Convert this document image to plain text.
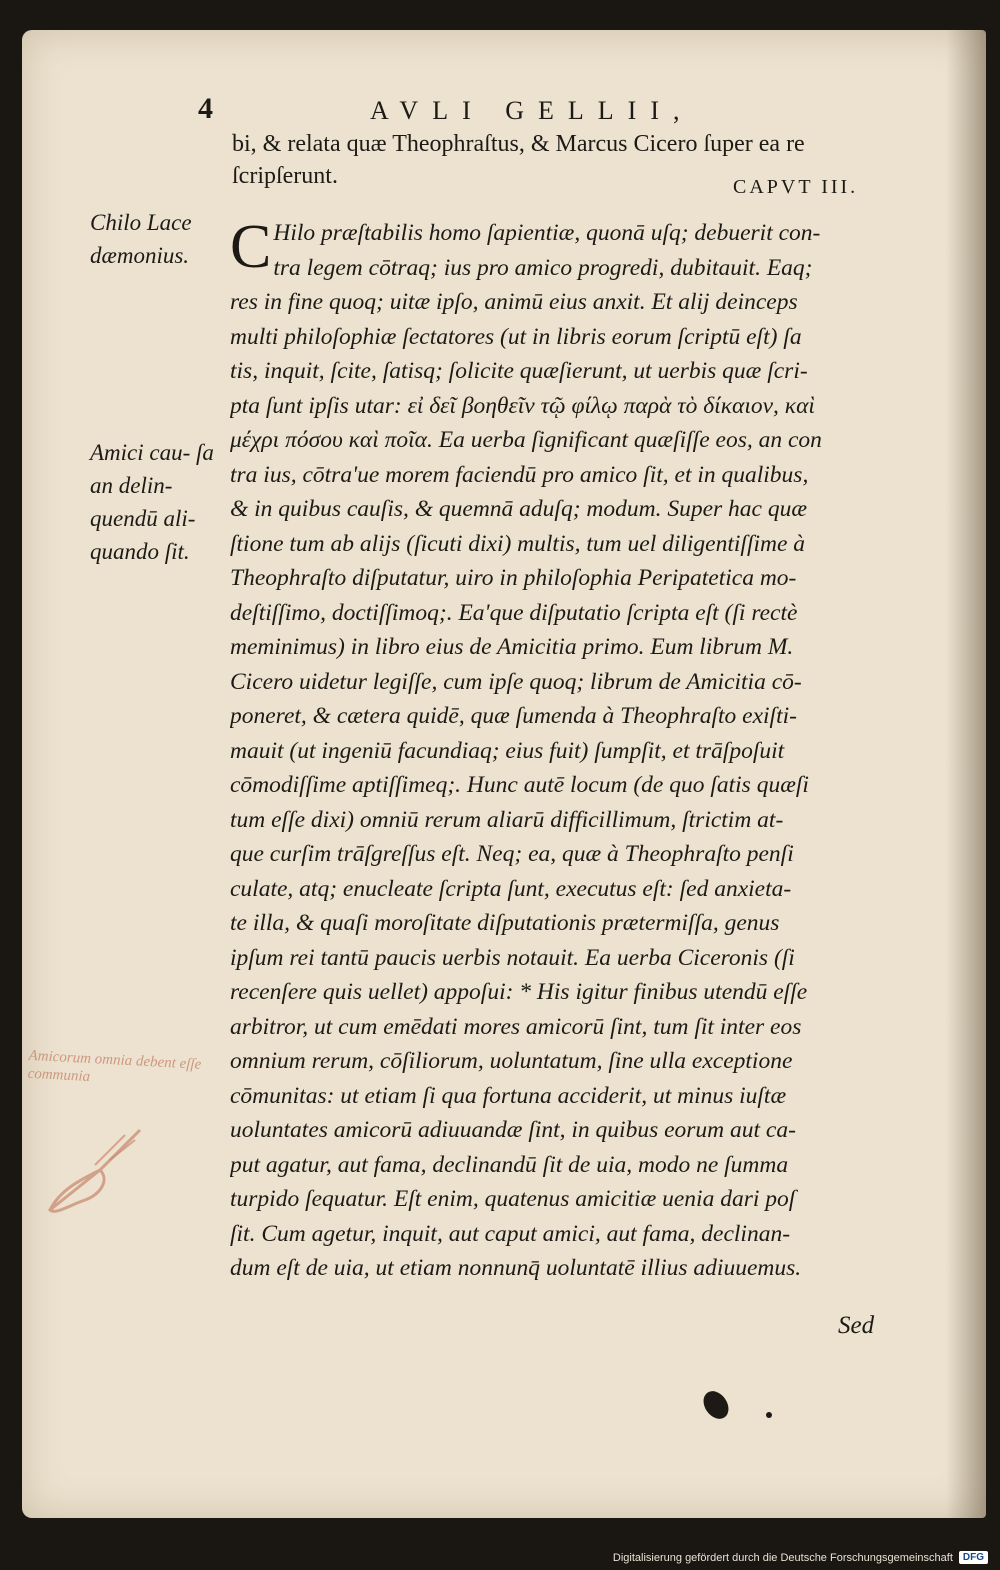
4	AVLI GELLII,
bi, & relata quæ Theophraſtus, & Marcus Cicero ſuper ea re ſcripſerunt.	CAPVT III.
Chilo Lace dæmonius.
Amici cau- ſa an delin- quendū ali- quando ſit.
C Hilo præſtabilis homo ſapientiæ, quonā uſq; debuerit con-
tra legem cōtraq; ius pro amico progredi, dubitauit. Eaq;
res in fine quoq; uitæ ipſo, animū eius anxit. Et alij deinceps
multi philoſophiæ ſectatores (ut in libris eorum ſcriptū eſt) ſa
tis, inquit, ſcite, ſatisq; ſolicite quæſierunt, ut uerbis quæ ſcri-
pta ſunt ipſis utar: εἰ δεῖ βοηθεῖν τῷ φίλῳ παρὰ τὸ δίκαιον, καὶ
μέχρι πόσου καὶ ποῖα. Ea uerba ſignificant quæſiſſe eos, an con
tra ius, cōtra'ue morem faciendū pro amico ſit, et in qualibus,
& in quibus cauſis, & quemnā aduſq; modum. Super hac quæ
ſtione tum ab alijs (ſicuti dixi) multis, tum uel diligentiſſime à
Theophraſto diſputatur, uiro in philoſophia Peripatetica mo-
deſtiſſimo, doctiſſimoq;. Ea'que diſputatio ſcripta eſt (ſi rectè
meminimus) in libro eius de Amicitia primo. Eum librum M.
Cicero uidetur legiſſe, cum ipſe quoq; librum de Amicitia cō-
poneret, & cætera quidē, quæ ſumenda à Theophraſto exiſti-
mauit (ut ingeniū facundiaq; eius fuit) ſumpſit, et trāſpoſuit
cōmodiſſime aptiſſimeq;. Hunc autē locum (de quo ſatis quæſi
tum eſſe dixi) omniū rerum aliarū difficillimum, ſtrictim at-
que curſim trāſgreſſus eſt. Neq; ea, quæ à Theophraſto penſi
culate, atq; enucleate ſcripta ſunt, executus eſt: ſed anxieta-
te illa, & quaſi moroſitate diſputationis prætermiſſa, genus
ipſum rei tantū paucis uerbis notauit. Ea uerba Ciceronis (ſi
recenſere quis uellet) appoſui: * His igitur finibus utendū eſſe
arbitror, ut cum emēdati mores amicorū ſint, tum ſit inter eos
omnium rerum, cōſiliorum, uoluntatum, ſine ulla exceptione
cōmunitas: ut etiam ſi qua fortuna acciderit, ut minus iuſtæ
uoluntates amicorū adiuuandæ ſint, in quibus eorum aut ca-
put agatur, aut fama, declinandū ſit de uia, modo ne ſumma
turpido ſequatur. Eſt enim, quatenus amicitiæ uenia dari poſ
ſit. Cum agetur, inquit, aut caput amici, aut fama, declinan-
dum eſt de uia, ut etiam nonnunq̄ uoluntatē illius adiuuemus.
Sed
Amicorum omnia debent eſſe communia
Digitalisierung gefördert durch die Deutsche Forschungsgemeinschaft	DFG
